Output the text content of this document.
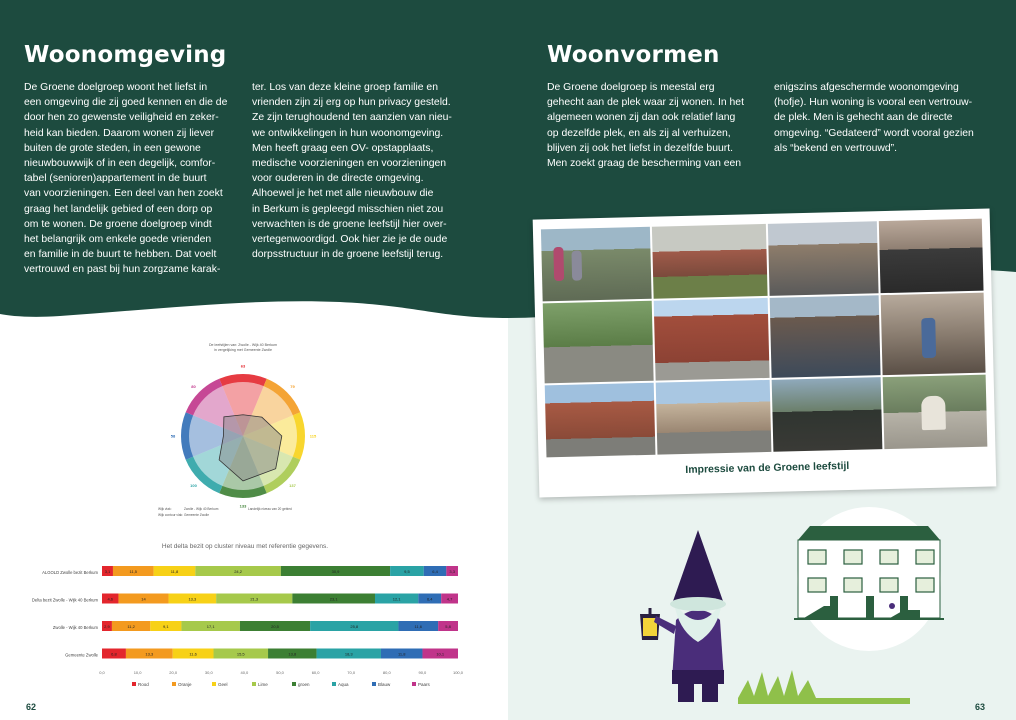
Woonomgeving
De Groene doelgroep woont het liefst in
een omgeving die zij goed kennen en die de
door hen zo gewenste veiligheid en zeker-
heid kan bieden. Daarom wonen zij liever
buiten de grote steden, in een gewone
nieuwbouwwijk of in een degelijk, comfor-
tabel (senioren)appartement in de buurt
van voorzieningen. Een deel van hen zoekt
graag het landelijk gebied of een dorp op
om te wonen. De groene doelgroep vindt
het belangrijk om enkele goede vrienden
en familie in de buurt te hebben. Dat voelt
vertrouwd en past bij hun zorgzame karak-
ter. Los van deze kleine groep familie en
vrienden zijn zij erg op hun privacy gesteld.
Ze zijn terughoudend ten aanzien van nieu-
we ontwikkelingen in hun woonomgeving.
Men heeft graag een OV- opstapplaats,
medische voorzieningen en voorzieningen
voor ouderen in de directe omgeving.
Alhoewel je het met alle nieuwbouw die
in Berkum is gepleegd misschien niet zou
verwachten is de groene leefstijl hier over-
vertegenwoordigd. Ook hier zie je de oude
dorpsstructuur in de groene leefstijl terug.
Woonvormen
De Groene doelgroep is meestal erg
gehecht aan de plek waar zij wonen. In het
algemeen wonen zij dan ook relatief lang
op dezelfde plek, en als zij al verhuizen,
blijven zij ook het liefst in dezelfde buurt.
Men zoekt graag de bescherming van een
enigszins afgeschermde woonomgeving
(hofje). Hun woning is vooral een vertrouw-
de plek. Men is gehecht aan de directe
omgeving. “Gedateerd” wordt vooral gezien
als “bekend en vertrouwd”.
De leefstijlen van: Zwolle - Wijk 40 Berkum
in vergelijking met Gemeente Zwolle
63
79
115
137
133
100
58
80
Wijk vlak:	Zwolle - Wijk 40 Berkum	Landelijk niveau van 20 gebied
Wijk contour vlak: Gemeente Zwolle
Het delta bezit op cluster niveau met referentie gegevens.
ALGOLD Zwolle bezit Berkum 3,1	11,5	11,8	24,2	30,9	9,5	6,4	3,3
Delta bezit Zwolle - Wijk 40 Berkum 4,6	14	13,3	21,3	23,1	12,1	6,4	4,7
Zwolle - Wijk 40 Berkum 2,9	11,2	9,1	17,1	20,5	25,8	11,6	5,8
Gemeente Zwolle	6,8	13,3	11,6	15,5	13,8	18,3	11,8	10,1
0,0	10,0	20,0	30,0	40,0	50,0	60,0	70,0	80,0	90,0	100,0
Rood	Oranje	Geel	Lime	groen	Aqua	Blauw	Paars
62	63
Impressie van de Groene leefstijl
